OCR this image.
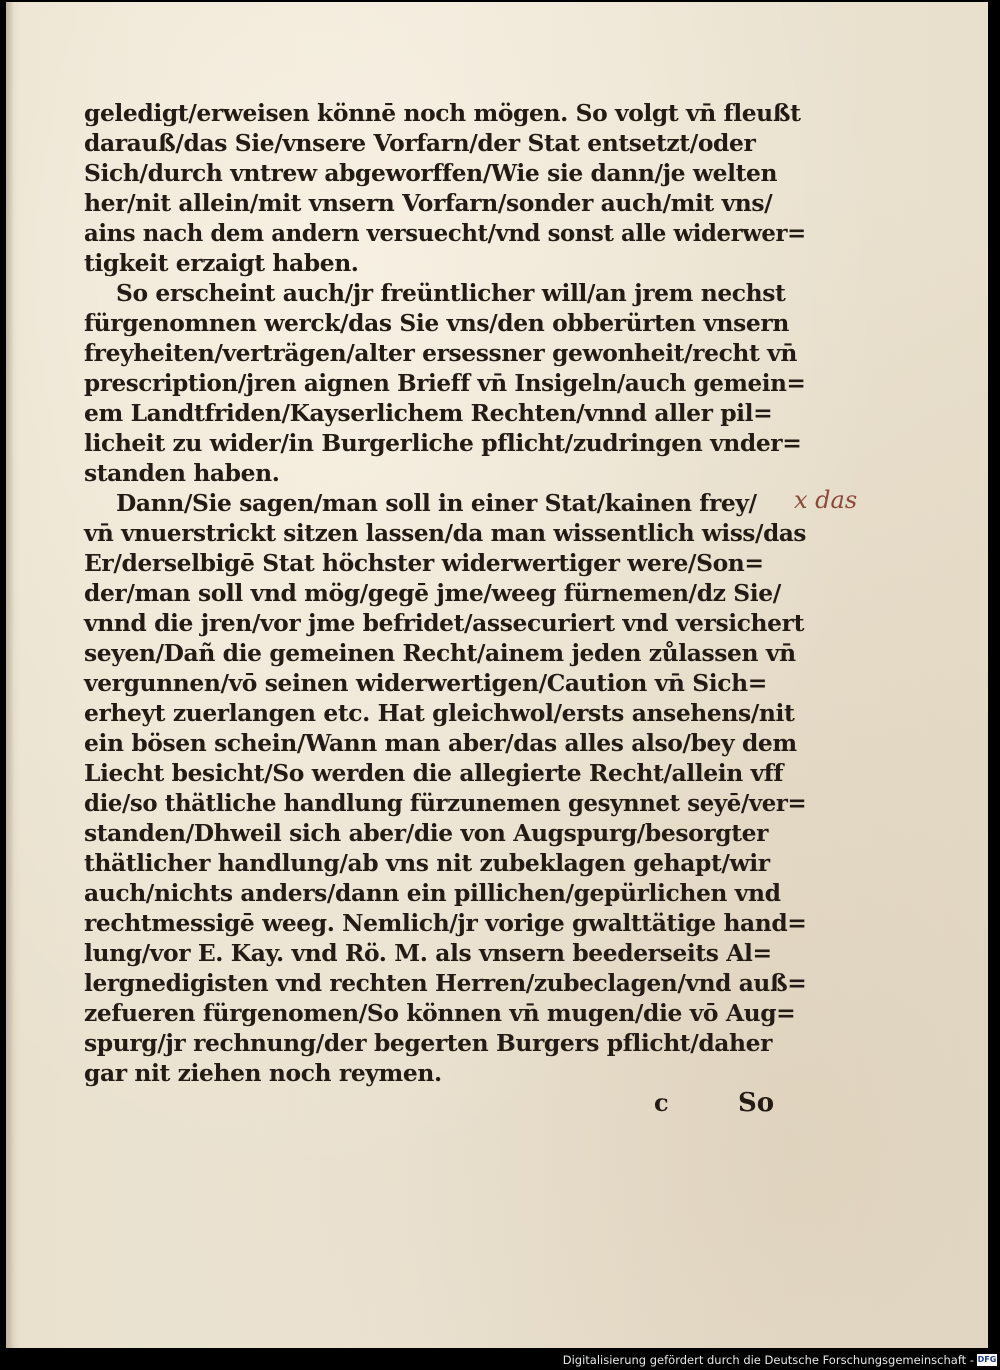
geledigt/erweisen könnē noch mögen. So volgt vn̄ fleußt
darauß/das Sie/vnsere Vorfarn/der Stat entsetzt/oder
Sich/durch vntrew abgeworffen/Wie sie dann/je welten
her/nit allein/mit vnsern Vorfarn/sonder auch/mit vns/
ains nach dem andern versuecht/vnd sonst alle widerwer=
tigkeit erzaigt haben.
So erscheint auch/jr freüntlicher will/an jrem nechst
fürgenomnen werck/das Sie vns/den obberürten vnsern
freyheiten/verträgen/alter ersessner gewonheit/recht vn̄
prescription/jren aignen Brieff vn̄ Insigeln/auch gemein=
em Landtfriden/Kayserlichem Rechten/vnnd aller pil=
licheit zu wider/in Burgerliche pflicht/zudringen vnder=
standen haben.
Dann/Sie sagen/man soll in einer Stat/kainen frey/
vn̄ vnuerstrickt sitzen lassen/da man wissentlich wiss/das
Er/derselbigē Stat höchster widerwertiger were/Son=
der/man soll vnd mög/gegē jme/weeg fürnemen/dz Sie/
vnnd die jren/vor jme befridet/assecuriert vnd versichert
seyen/Dañ die gemeinen Recht/ainem jeden zůlassen vn̄
vergunnen/vō seinen widerwertigen/Caution vn̄ Sich=
erheyt zuerlangen etc. Hat gleichwol/ersts ansehens/nit
ein bösen schein/Wann man aber/das alles also/bey dem
Liecht besicht/So werden die allegierte Recht/allein vff
die/so thätliche handlung fürzunemen gesynnet seyē/ver=
standen/Dhweil sich aber/die von Augspurg/besorgter
thätlicher handlung/ab vns nit zubeklagen gehapt/wir
auch/nichts anders/dann ein pillichen/gepürlichen vnd
rechtmessigē weeg. Nemlich/jr vorige gwalttätige hand=
lung/vor E. Kay. vnd Rö. M. als vnsern beederseits Al=
lergnedigisten vnd rechten Herren/zubeclagen/vnd auß=
zefueren fürgenomen/So können vn̄ mugen/die vō Aug=
spurg/jr rechnung/der begerten Burgers pflicht/daher
gar nit ziehen noch reymen.
x das
c	So
Digitalisierung gefördert durch die Deutsche Forschungsgemeinschaft - DFG
